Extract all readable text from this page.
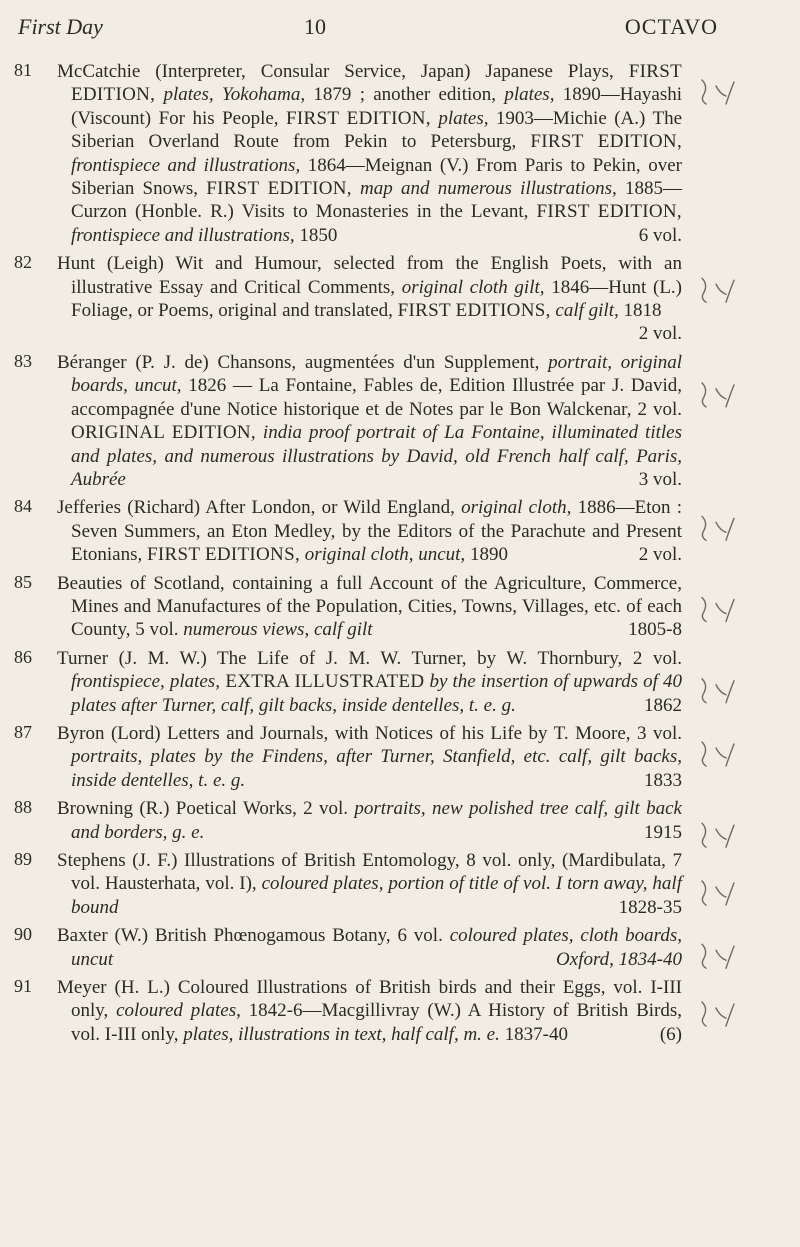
First Day	10	OCTAVO
81 McCatchie (Interpreter, Consular Service, Japan) Japanese Plays, FIRST EDITION, plates, Yokohama, 1879 ; another edition, plates, 1890—Hayashi (Viscount) For his People, FIRST EDITION, plates, 1903—Michie (A.) The Siberian Overland Route from Pekin to Petersburg, FIRST EDITION, frontispiece and illustrations, 1864—Meignan (V.) From Paris to Pekin, over Siberian Snows, FIRST EDITION, map and numerous illustrations, 1885—Curzon (Honble. R.) Visits to Monasteries in the Levant, FIRST EDITION, frontispiece and illustrations, 1850	6 vol.
82 Hunt (Leigh) Wit and Humour, selected from the English Poets, with an illustrative Essay and Critical Comments, original cloth gilt, 1846—Hunt (L.) Foliage, or Poems, original and translated, FIRST EDITIONS, calf gilt, 1818
2 vol.
83 Béranger (P. J. de) Chansons, augmentées d'un Supplement, portrait, original boards, uncut, 1826 — La Fontaine, Fables de, Edition Illustrée par J. David, accompagnée d'une Notice historique et de Notes par le Bon Walckenar, 2 vol. ORIGINAL EDITION, india proof portrait of La Fontaine, illuminated titles and plates, and numerous illustrations by David, old French half calf, Paris, Aubrée	3 vol.
84 Jefferies (Richard) After London, or Wild England, original cloth, 1886—Eton : Seven Summers, an Eton Medley, by the Editors of the Parachute and Present Etonians, FIRST EDITIONS, original cloth, uncut, 1890	2 vol.
85 Beauties of Scotland, containing a full Account of the Agriculture, Commerce, Mines and Manufactures of the Population, Cities, Towns, Villages, etc. of each County, 5 vol. numerous views, calf gilt	1805-8
86 Turner (J. M. W.) The Life of J. M. W. Turner, by W. Thornbury, 2 vol. frontispiece, plates, EXTRA ILLUSTRATED by the insertion of upwards of 40 plates after Turner, calf, gilt backs, inside dentelles, t. e. g.	1862
87 Byron (Lord) Letters and Journals, with Notices of his Life by T. Moore, 3 vol. portraits, plates by the Findens, after Turner, Stanfield, etc. calf, gilt backs, inside dentelles, t. e. g.	1833
88 Browning (R.) Poetical Works, 2 vol. portraits, new polished tree calf, gilt back and borders, g. e.	1915
89 Stephens (J. F.) Illustrations of British Entomology, 8 vol. only, (Mardibulata, 7 vol. Hausterhata, vol. I), coloured plates, portion of title of vol. I torn away, half bound	1828-35
90 Baxter (W.) British Phœnogamous Botany, 6 vol. coloured plates, cloth boards, uncut	Oxford, 1834-40
91 Meyer (H. L.) Coloured Illustrations of British birds and their Eggs, vol. I-III only, coloured plates, 1842-6—Macgillivray (W.) A History of British Birds, vol. I-III only, plates, illustrations in text, half calf, m. e. 1837-40	(6)
